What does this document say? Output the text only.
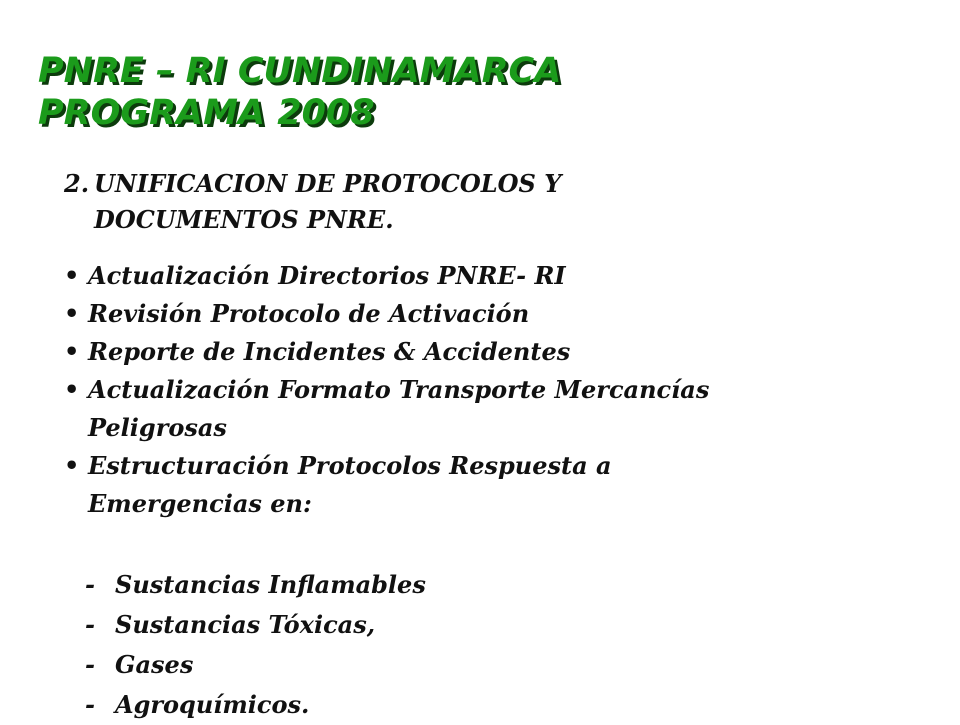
PNRE – RI CUNDINAMARCA
PROGRAMA 2008
2. UNIFICACION DE PROTOCOLOS Y
DOCUMENTOS PNRE.
• Actualización Directorios PNRE- RI
• Revisión Protocolo de Activación
• Reporte de Incidentes & Accidentes
• Actualización Formato Transporte Mercancías
Peligrosas
• Estructuración Protocolos Respuesta a
Emergencias en:
- Sustancias Inflamables
- Sustancias Tóxicas,
- Gases
- Agroquímicos.
